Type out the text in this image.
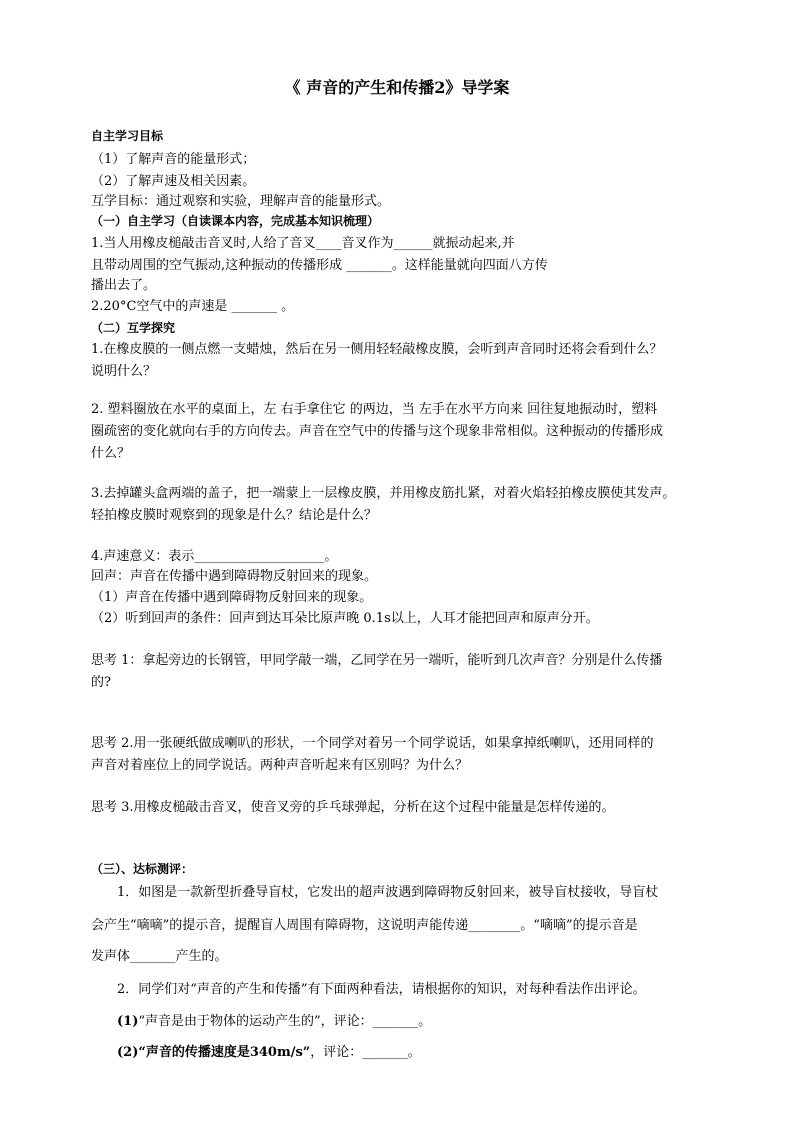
《 声音的产生和传播2》导学案
自主学习目标
（1）了解声音的能量形式；
（2）了解声速及相关因素。
互学目标：通过观察和实验，理解声音的能量形式。
（一）自主学习（自读课本内容，完成基本知识梳理）
1.当人用橡皮槌敲击音叉时,人给了音叉____音叉作为______就振动起来,并
且带动周围的空气振动,这种振动的传播形成 _______。这样能量就向四面八方传
播出去了。
2.20°C空气中的声速是 _______ 。
（二）互学探究
1.在橡皮膜的一侧点燃一支蜡烛，然后在另一侧用轻轻敲橡皮膜，会听到声音同时还将会看到什么？
说明什么？
2. 塑料圈放在水平的桌面上，左 右手拿住它 的两边，当 左手在水平方向来 回往复地振动时，塑料
圈疏密的变化就向右手的方向传去。声音在空气中的传播与这个现象非常相似。这种振动的传播形成
什么？
3.去掉罐头盒两端的盖子，把一端蒙上一层橡皮膜，并用橡皮筋扎紧，对着火焰轻拍橡皮膜使其发声。
轻拍橡皮膜时观察到的现象是什么？结论是什么？
4.声速意义：表示____________________。
回声：声音在传播中遇到障碍物反射回来的现象。
（1）声音在传播中遇到障碍物反射回来的现象。
（2）听到回声的条件：回声到达耳朵比原声晚 0.1s以上，人耳才能把回声和原声分开。
思考 1：拿起旁边的长钢管，甲同学敲一端，乙同学在另一端听，能听到几次声音？分别是什么传播
的?
思考 2.用一张硬纸做成喇叭的形状，一个同学对着另一个同学说话，如果拿掉纸喇叭，还用同样的
声音对着座位上的同学说话。两种声音听起来有区别吗？为什么？
思考 3.用橡皮槌敲击音叉，使音叉旁的乒乓球弹起，分析在这个过程中能量是怎样传递的。
（三）、达标测评：
1．如图是一款新型折叠导盲杖，它发出的超声波遇到障碍物反射回来，被导盲杖接收，导盲杖
会产生“嘀嘀”的提示音，提醒盲人周围有障碍物，这说明声能传递________。“嘀嘀”的提示音是
发声体_______产生的。
2．同学们对“声音的产生和传播”有下面两种看法，请根据你的知识，对每种看法作出评论。
(1)“声音是由于物体的运动产生的”，评论：_______。
(2)“声音的传播速度是340m/s”，评论：_______。
